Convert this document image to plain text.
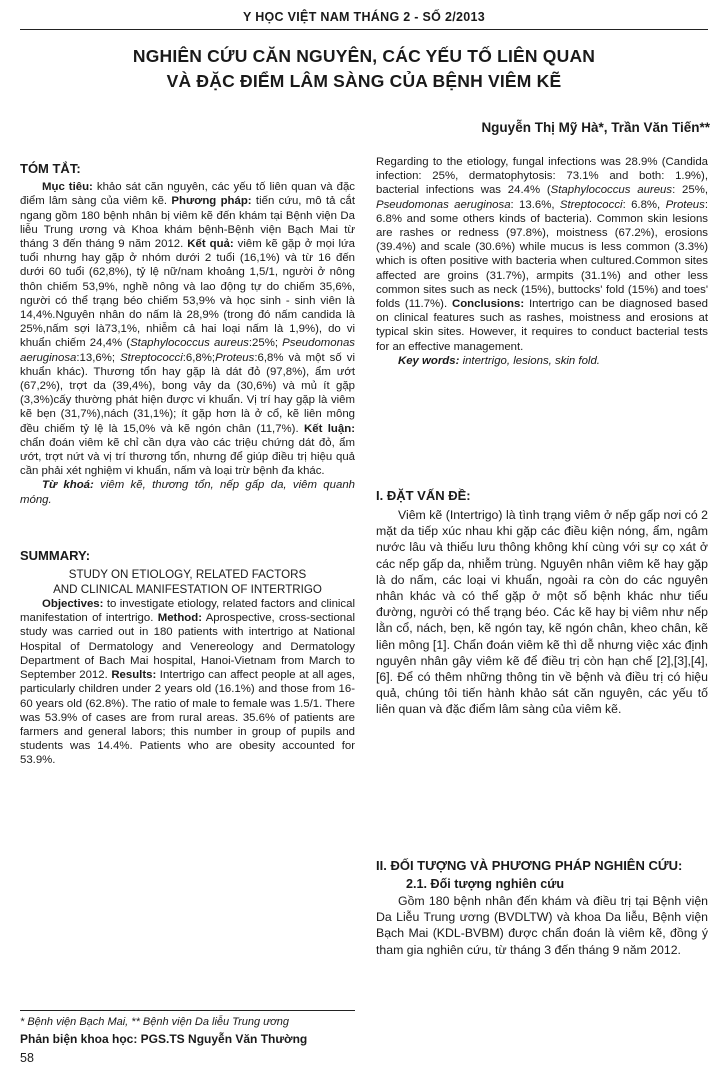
Y HỌC VIỆT NAM THÁNG 2 - SỐ 2/2013
NGHIÊN CỨU CĂN NGUYÊN, CÁC YẾU TỐ LIÊN QUAN
VÀ ĐẶC ĐIỂM LÂM SÀNG CỦA BỆNH VIÊM KẼ
Nguyễn Thị Mỹ Hà*, Trần Văn Tiến**
TÓM TẮT:

Mục tiêu: khảo sát căn nguyên, các yếu tố liên quan và đặc điểm lâm sàng của viêm kẽ. Phương pháp: tiến cứu, mô tả cắt ngang gồm 180 bệnh nhân bị viêm kẽ đến khám tại Bệnh viện Da liễu Trung ương và Khoa khám bệnh-Bệnh viện Bạch Mai từ tháng 3 đến tháng 9 năm 2012. Kết quả: viêm kẽ gặp ở mọi lứa tuổi nhưng hay gặp ở nhóm dưới 2 tuổi (16,1%) và từ 16 đến dưới 60 tuổi (62,8%), tỷ lệ nữ/nam khoảng 1,5/1, người ở nông thôn chiếm 53,9%, nghề nông và lao động tự do chiếm 35,6%, người có thể trạng béo chiếm 53,9% và học sinh - sinh viên là 14,4%.Nguyên nhân do nấm là 28,9% (trong đó nấm candida là 25%,nấm sợi là73,1%, nhiễm cả hai loại nấm là 1,9%), do vi khuẩn chiếm 24,4% (Staphylococcus aureus:25%; Pseudomonas aeruginosa:13,6%; Streptococci:6,8%;Proteus:6,8% và một số vi khuẩn khác). Thương tổn hay gặp là dát đỏ (97,8%), ẩm ướt (67,2%), trợt da (39,4%), bong vảy da (30,6%) và mủ ít gặp (3,3%)cấy thường phát hiện được vi khuẩn. Vị trí hay gặp là viêm kẽ bẹn (31,7%),nách (31,1%); ít gặp hơn là ở cổ, kẽ liên mông đều chiếm tỷ lệ là 15,0% và kẽ ngón chân (11,7%). Kết luận: chẩn đoán viêm kẽ chỉ cần dựa vào các triệu chứng dát đỏ, ẩm ướt, trợt nứt và vị trí thương tổn, nhưng để giúp điều trị hiệu quả cần phải xét nghiệm vi khuẩn, nấm và loại trừ bệnh đa khác.

Từ khoá: viêm kẽ, thương tổn, nếp gấp da, viêm quanh móng.

SUMMARY:
STUDY ON ETIOLOGY, RELATED FACTORS
AND CLINICAL MANIFESTATION OF INTERTRIGO

Objectives: to investigate etiology, related factors and clinical manifestation of intertrigo. Method: Aprospective, cross-sectional study was carried out in 180 patients with intertrigo at National Hospital of Dermatology and Venereology and Dermatology Department of Bach Mai hospital, Hanoi-Vietnam from March to September 2012. Results: Intertrigo can affect people at all ages, particularly children under 2 years old (16.1%) and those from 16-60 years old (62.8%). The ratio of male to female was 1.5/1. There was 53.9% of cases are from rural areas. 35.6% of patients are farmers and general labors; this number in group of pupils and students was 14.4%. Patients who are obesity accounted for 53.9%.

Regarding to the etiology, fungal infections was 28.9% (Candida infection: 25%, dermatophytosis: 73.1% and both: 1.9%), bacterial infections was 24.4% (Staphylococcus aureus: 25%, Pseudomonas aeruginosa: 13.6%, Streptococci: 6.8%, Proteus: 6.8% and some others kinds of bacteria). Common skin lesions are rashes or redness (97.8%), moistness (67.2%), erosions (39.4%) and scale (30.6%) while mucus is less common (3.3%) which is often positive with bacteria when cultured.Common sites affected are groins (31.7%), armpits (31.1%) and other less common sites such as neck (15%), buttocks' fold (15%) and toes' folds (11.7%). Conclusions: Intertrigo can be diagnosed based on clinical features such as rashes, moistness and erosions at typical skin sites. However, it requires to conduct bacterial tests for an effective management.

Key words: intertrigo, lesions, skin fold.

I. ĐẶT VẤN ĐỀ:

Viêm kẽ (Intertrigo) là tình trạng viêm ở nếp gấp nơi có 2 mặt da tiếp xúc nhau khi gặp các điều kiện nóng, ẩm, ngâm nước lâu và thiếu lưu thông không khí cùng với sự cọ xát ở các nếp gấp da, nhiễm trùng. Nguyên nhân viêm kẽ hay gặp là do nấm, các loại vi khuẩn, ngoài ra còn do các nguyên nhân khác và có thể gặp ở một số bệnh khác như tiểu đường, người có thể trạng béo. Các kẽ hay bị viêm như nếp lằn cổ, nách, bẹn, kẽ ngón tay, kẽ ngón chân, kheo chân, kẽ liên mông [1]. Chẩn đoán viêm kẽ thì dễ nhưng việc xác định nguyên nhân gây viêm kẽ để điều trị còn hạn chế [2],[3],[4],[6]. Để có thêm những thông tin về bệnh và điều trị có hiệu quả, chúng tôi tiến hành khảo sát căn nguyên, các yếu tố liên quan và đặc điểm lâm sàng của viêm kẽ.

II. ĐỐI TƯỢNG VÀ PHƯƠNG PHÁP NGHIÊN CỨU:
2.1. Đối tượng nghiên cứu

Gồm 180 bệnh nhân đến khám và điều trị tại Bệnh viện Da Liễu Trung ương (BVDLTW) và khoa Da liễu, Bệnh viện Bạch Mai (KDL-BVBM) được chẩn đoán là viêm kẽ, đồng ý tham gia nghiên cứu, từ tháng 3 đến tháng 9 năm 2012.

* Bệnh viện Bạch Mai, ** Bệnh viện Da liễu Trung ương
Phản biện khoa học: PGS.TS Nguyễn Văn Thường
58
